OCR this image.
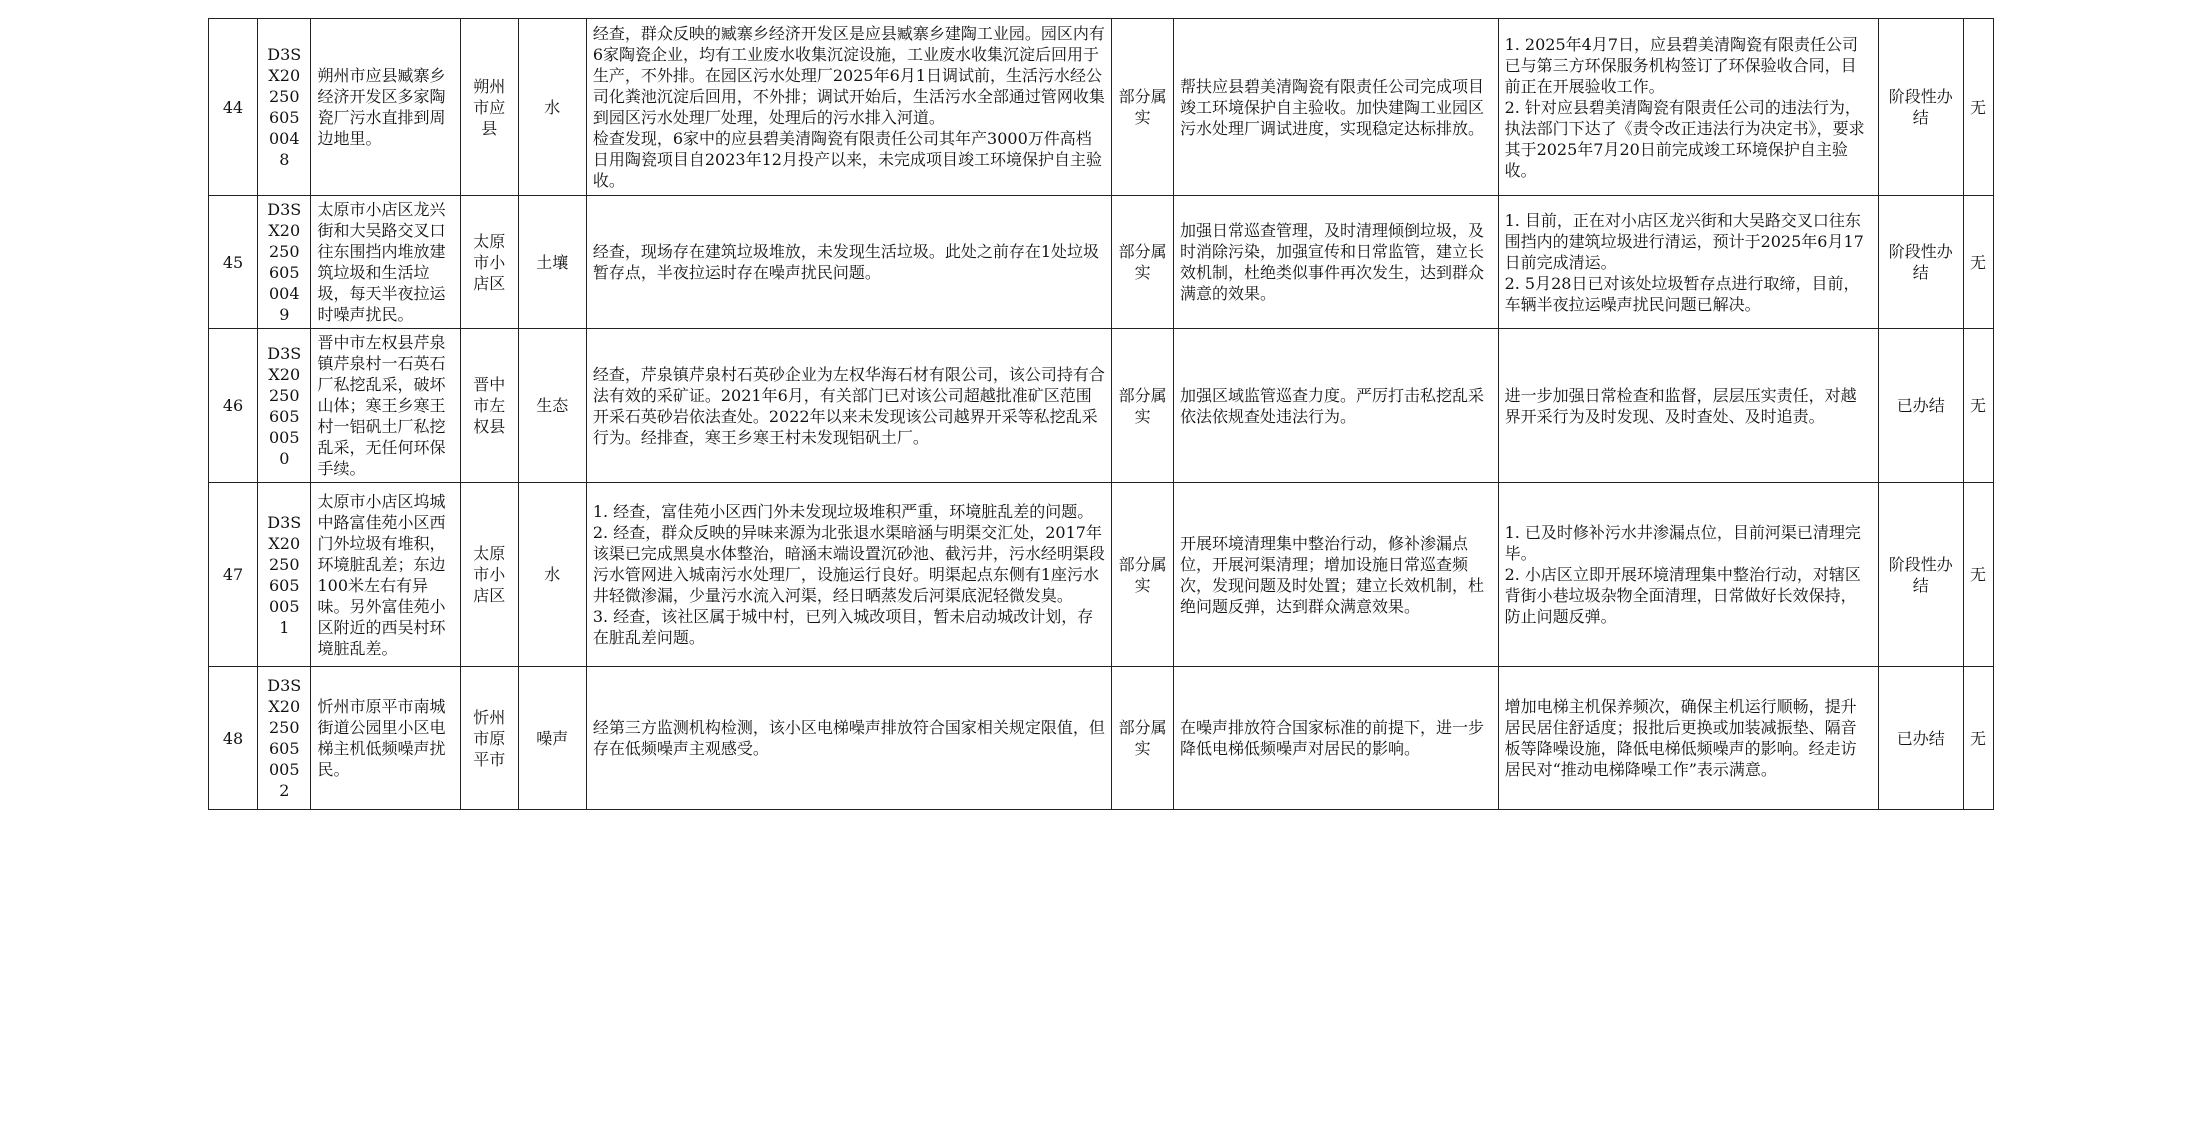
44	D3SX20250605 0048	朔州市应县臧寨乡经济开发区多家陶瓷厂污水直排到周边地里。	朔州市应县	水	经查，群众反映的臧寨乡经济开发区是应县臧寨乡建陶工业园。园区内有6家陶瓷企业，均有工业废水收集沉淀设施，工业废水收集沉淀后回用于生产，不外排。在园区污水处理厂2025年6月1日调试前，生活污水经公司化粪池沉淀后回用，不外排；调试开始后，生活污水全部通过管网收集到园区污水处理厂处理，处理后的污水排入河道。
检查发现，6家中的应县碧美清陶瓷有限责任公司其年产3000万件高档日用陶瓷项目自2023年12月投产以来，未完成项目竣工环境保护自主验收。	部分属实	帮扶应县碧美清陶瓷有限责任公司完成项目竣工环境保护自主验收。加快建陶工业园区污水处理厂调试进度，实现稳定达标排放。	1. 2025年4月7日，应县碧美清陶瓷有限责任公司已与第三方环保服务机构签订了环保验收合同，目前正在开展验收工作。
2. 针对应县碧美清陶瓷有限责任公司的违法行为，执法部门下达了《责令改正违法行为决定书》，要求其于2025年7月20日前完成竣工环境保护自主验收。	阶段性办结	无
45	D3SX20250605 0049	太原市小店区龙兴街和大吴路交叉口往东围挡内堆放建筑垃圾和生活垃圾，每天半夜拉运时噪声扰民。	太原市小店区	土壤	经查，现场存在建筑垃圾堆放，未发现生活垃圾。此处之前存在1处垃圾暂存点，半夜拉运时存在噪声扰民问题。	部分属实	加强日常巡查管理，及时清理倾倒垃圾，及时消除污染，加强宣传和日常监管，建立长效机制，杜绝类似事件再次发生，达到群众满意的效果。	1. 目前，正在对小店区龙兴街和大吴路交叉口往东围挡内的建筑垃圾进行清运，预计于2025年6月17日前完成清运。
2. 5月28日已对该处垃圾暂存点进行取缔，目前，车辆半夜拉运噪声扰民问题已解决。	阶段性办结	无
46	D3SX20250605 0050	晋中市左权县芹泉镇芹泉村一石英石厂私挖乱采，破坏山体；寒王乡寒王村一铝矾土厂私挖乱采，无任何环保手续。	晋中市左权县	生态	经查，芹泉镇芹泉村石英砂企业为左权华海石材有限公司，该公司持有合法有效的采矿证。2021年6月，有关部门已对该公司超越批准矿区范围开采石英砂岩依法查处。2022年以来未发现该公司越界开采等私挖乱采行为。经排查，寒王乡寒王村未发现铝矾土厂。	部分属实	加强区域监管巡查力度。严厉打击私挖乱采依法依规查处违法行为。	进一步加强日常检查和监督，层层压实责任，对越界开采行为及时发现、及时查处、及时追责。	已办结	无
47	D3SX20250605 0051	太原市小店区坞城中路富佳苑小区西门外垃圾有堆积，环境脏乱差；东边100米左右有异味。另外富佳苑小区附近的西吴村环境脏乱差。	太原市小店区	水	1. 经查，富佳苑小区西门外未发现垃圾堆积严重，环境脏乱差的问题。
2. 经查，群众反映的异味来源为北张退水渠暗涵与明渠交汇处，2017年该渠已完成黑臭水体整治，暗涵末端设置沉砂池、截污井，污水经明渠段污水管网进入城南污水处理厂，设施运行良好。明渠起点东侧有1座污水井轻微渗漏，少量污水流入河渠，经日晒蒸发后河渠底泥轻微发臭。
3. 经查，该社区属于城中村，已列入城改项目，暂未启动城改计划，存在脏乱差问题。	部分属实	开展环境清理集中整治行动，修补渗漏点位，开展河渠清理；增加设施日常巡查频次，发现问题及时处置；建立长效机制，杜绝问题反弹，达到群众满意效果。	1. 已及时修补污水井渗漏点位，目前河渠已清理完毕。
2. 小店区立即开展环境清理集中整治行动，对辖区背街小巷垃圾杂物全面清理，日常做好长效保持，防止问题反弹。	阶段性办结	无
48	D3SX20250605 0052	忻州市原平市南城街道公园里小区电梯主机低频噪声扰民。	忻州市原平市	噪声	经第三方监测机构检测，该小区电梯噪声排放符合国家相关规定限值，但存在低频噪声主观感受。	部分属实	在噪声排放符合国家标准的前提下，进一步降低电梯低频噪声对居民的影响。	增加电梯主机保养频次，确保主机运行顺畅，提升居民居住舒适度；报批后更换或加装减振垫、隔音板等降噪设施，降低电梯低频噪声的影响。经走访居民对“推动电梯降噪工作”表示满意。	已办结	无
